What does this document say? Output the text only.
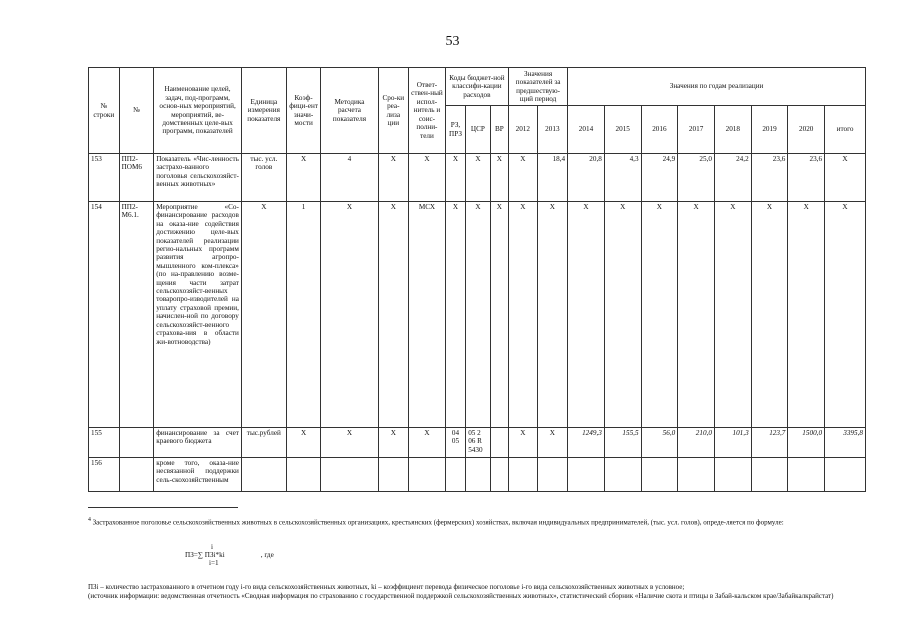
53
№ строки	№	Наименование целей, задач, под-программ, основ-ных мероприятий, мероприятий, ве-домственных целе-вых программ, показателей	Единица измерения показателя	Коэф-фици-ент значи-мости	Методика расчета показателя	Сро-ки реа-лиза ции	Ответ-ствен-ный испол-нитель и соис-полни-тели	Коды бюджет-ной классифи-кации расходов			Значения показателей за предшествую-щий период		Значения по годам реализации							
								РЗ, ПРЗ	ЦСР	ВР	2012	2013	2014	2015	2016	2017	2018	2019	2020	итого
153	ПП2-ПОМ6	Показатель «Чис-ленность застрахо-ванного поголовья сельскохозяйст-венных животных»	тыс. усл. голов	X	4	X	X	X	X	X	X	18,4	20,8	4,3	24,9	25,0	24,2	23,6	23,6	X
154	ПП2-М6.1.	Мероприятие «Со-финансирование расходов на оказа-ние содействия достижению целе-вых показателей реализации регио-нальных программ развития агропро-мышленного ком-плекса» (по на-правлению возме-щения части затрат сельскохозяйст-венных товаропро-изводителей на уплату страховой премии, начислен-ной по договору сельскохозяйст-венного страхова-ния в области жи-вотноводства)	X	1	X	X	МСХ	X	X	X	X	X	X	X	X	X	X	X	X	X
155		финансирование за счет краевого бюджета	тыс.рублей	X	X	X	X	04 05	05 2 06 R 5430		X	X	1249,3	155,5	56,0	210,0	101,3	123,7	1500,0	3395,8
156		кроме того, оказа-ние несвязанной поддержки сель-скохозяйственным																		
$^4$ Застрахованное поголовье сельскохозяйственных животных в сельскохозяйственных организациях, крестьянских (фермерских) хозяйствах, включая индивидуальных предпринимателей, (тыс. усл. голов), опреде-ляется по формуле:
i
ПЗ=∑ ПЗi*ki	, где
i=1
ПЗi – количество застрахованного в отчетном году i-го вида сельскохозяйственных животных, ki – коэффициент перевода физическое поголовье i-го вида сельскохозяйственных животных в условное;
(источник информации: ведомственная отчетность «Сводная информация по страхованию с государственной поддержкой сельскохозяйственных животных», статистический сборник «Наличие скота и птицы в Забай-кальском крае/Забайкалкрайстат)
